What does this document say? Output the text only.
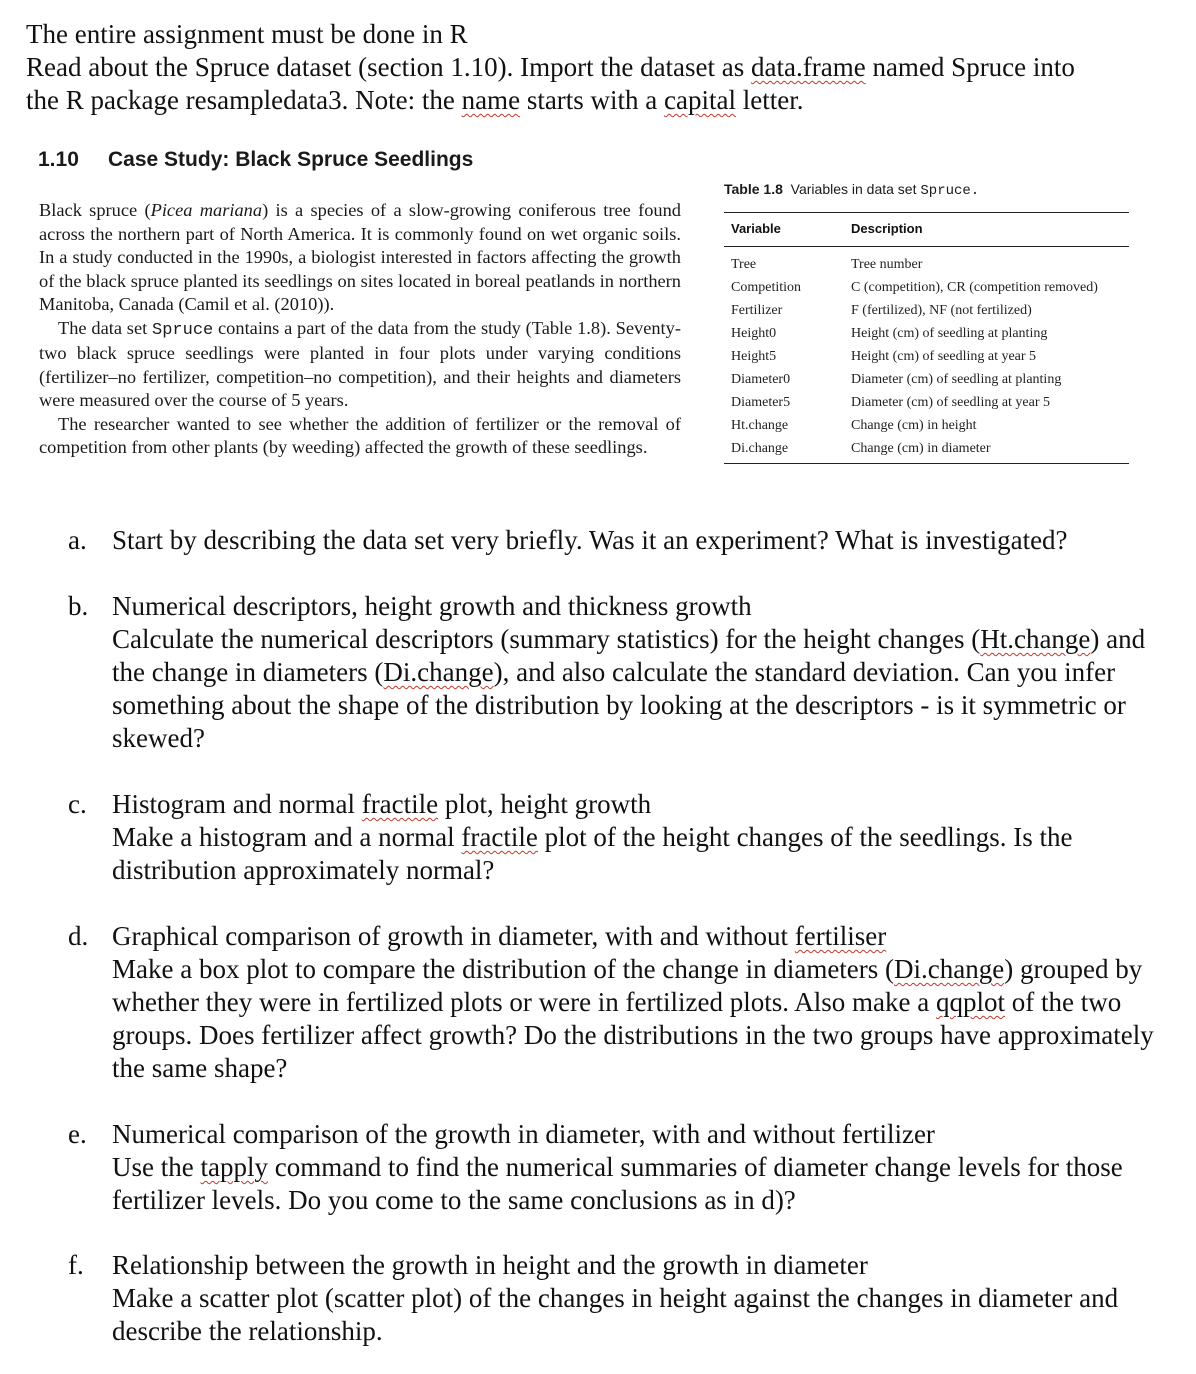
The entire assignment must be done in R
Read about the Spruce dataset (section 1.10). Import the dataset as data.frame named Spruce into
the R package resampledata3. Note: the name starts with a capital letter.
1.10 Case Study: Black Spruce Seedlings

Black spruce (Picea mariana) is a species of a slow-growing coniferous tree found across the northern part of North America. It is commonly found on wet organic soils. In a study conducted in the 1990s, a biologist interested in factors affecting the growth of the black spruce planted its seedlings on sites located in boreal peatlands in northern Manitoba, Canada (Camil et al. (2010)).

The data set Spruce contains a part of the data from the study (Table 1.8). Seventy-two black spruce seedlings were planted in four plots under varying conditions (fertilizer–no fertilizer, competition–no competition), and their heights and diameters were measured over the course of 5 years.

The researcher wanted to see whether the addition of fertilizer or the removal of competition from other plants (by weeding) affected the growth of these seedlings.

Table 1.8 Variables in data set Spruce.
Variable	Description
Tree	Tree number
Competition	C (competition), CR (competition removed)
Fertilizer	F (fertilized), NF (not fertilized)
Height0	Height (cm) of seedling at planting
Height5	Height (cm) of seedling at year 5
Diameter0	Diameter (cm) of seedling at planting
Diameter5	Diameter (cm) of seedling at year 5
Ht.change	Change (cm) in height
Di.change	Change (cm) in diameter
a. Start by describing the data set very briefly. Was it an experiment? What is investigated?
b. Numerical descriptors, height growth and thickness growth
Calculate the numerical descriptors (summary statistics) for the height changes (Ht.change) and the change in diameters (Di.change), and also calculate the standard deviation. Can you infer something about the shape of the distribution by looking at the descriptors - is it symmetric or skewed?
c. Histogram and normal fractile plot, height growth
Make a histogram and a normal fractile plot of the height changes of the seedlings. Is the distribution approximately normal?
d. Graphical comparison of growth in diameter, with and without fertiliser
Make a box plot to compare the distribution of the change in diameters (Di.change) grouped by whether they were in fertilized plots or were in fertilized plots. Also make a qqplot of the two groups. Does fertilizer affect growth? Do the distributions in the two groups have approximately the same shape?
e. Numerical comparison of the growth in diameter, with and without fertilizer
Use the tapply command to find the numerical summaries of diameter change levels for those fertilizer levels. Do you come to the same conclusions as in d)?
f.	Relationship between the growth in height and the growth in diameter
Make a scatter plot (scatter plot) of the changes in height against the changes in diameter and describe the relationship.
